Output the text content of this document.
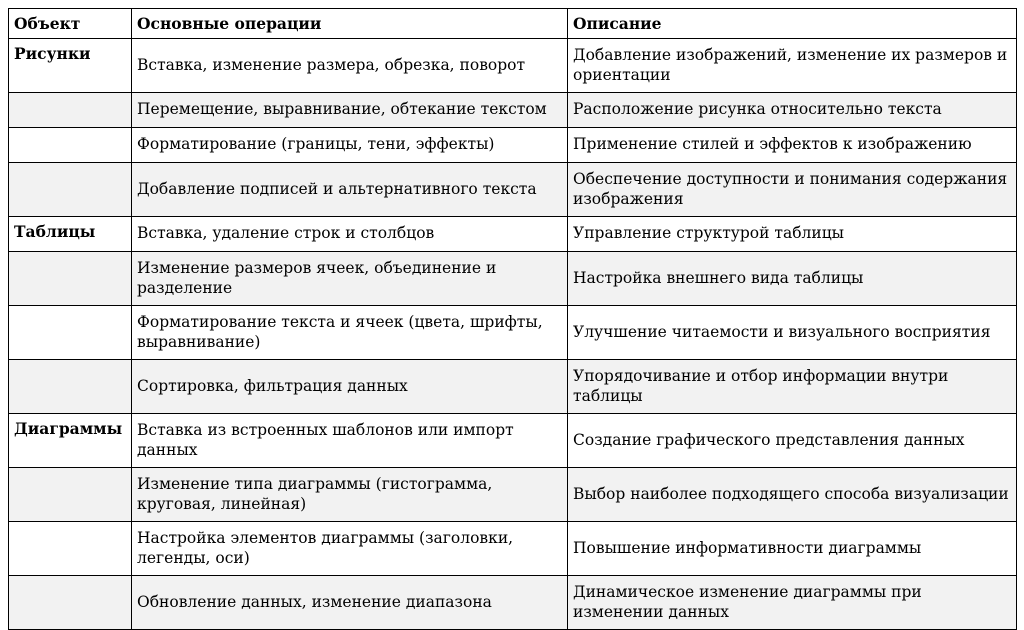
Объект	Основные операции	Описание
Рисунки	Вставка, изменение размера, обрезка, поворот	Добавление изображений, изменение их размеров и ориентации
	Перемещение, выравнивание, обтекание текстом	Расположение рисунка относительно текста
	Форматирование (границы, тени, эффекты)	Применение стилей и эффектов к изображению
	Добавление подписей и альтернативного текста	Обеспечение доступности и понимания содержания изображения
Таблицы	Вставка, удаление строк и столбцов	Управление структурой таблицы
	Изменение размеров ячеек, объединение и разделение	Настройка внешнего вида таблицы
	Форматирование текста и ячеек (цвета, шрифты, выравнивание)	Улучшение читаемости и визуального восприятия
	Сортировка, фильтрация данных	Упорядочивание и отбор информации внутри таблицы
Диаграммы	Вставка из встроенных шаблонов или импорт данных	Создание графического представления данных
	Изменение типа диаграммы (гистограмма, круговая, линейная)	Выбор наиболее подходящего способа визуализации
	Настройка элементов диаграммы (заголовки, легенды, оси)	Повышение информативности диаграммы
	Обновление данных, изменение диапазона	Динамическое изменение диаграммы при изменении данных
